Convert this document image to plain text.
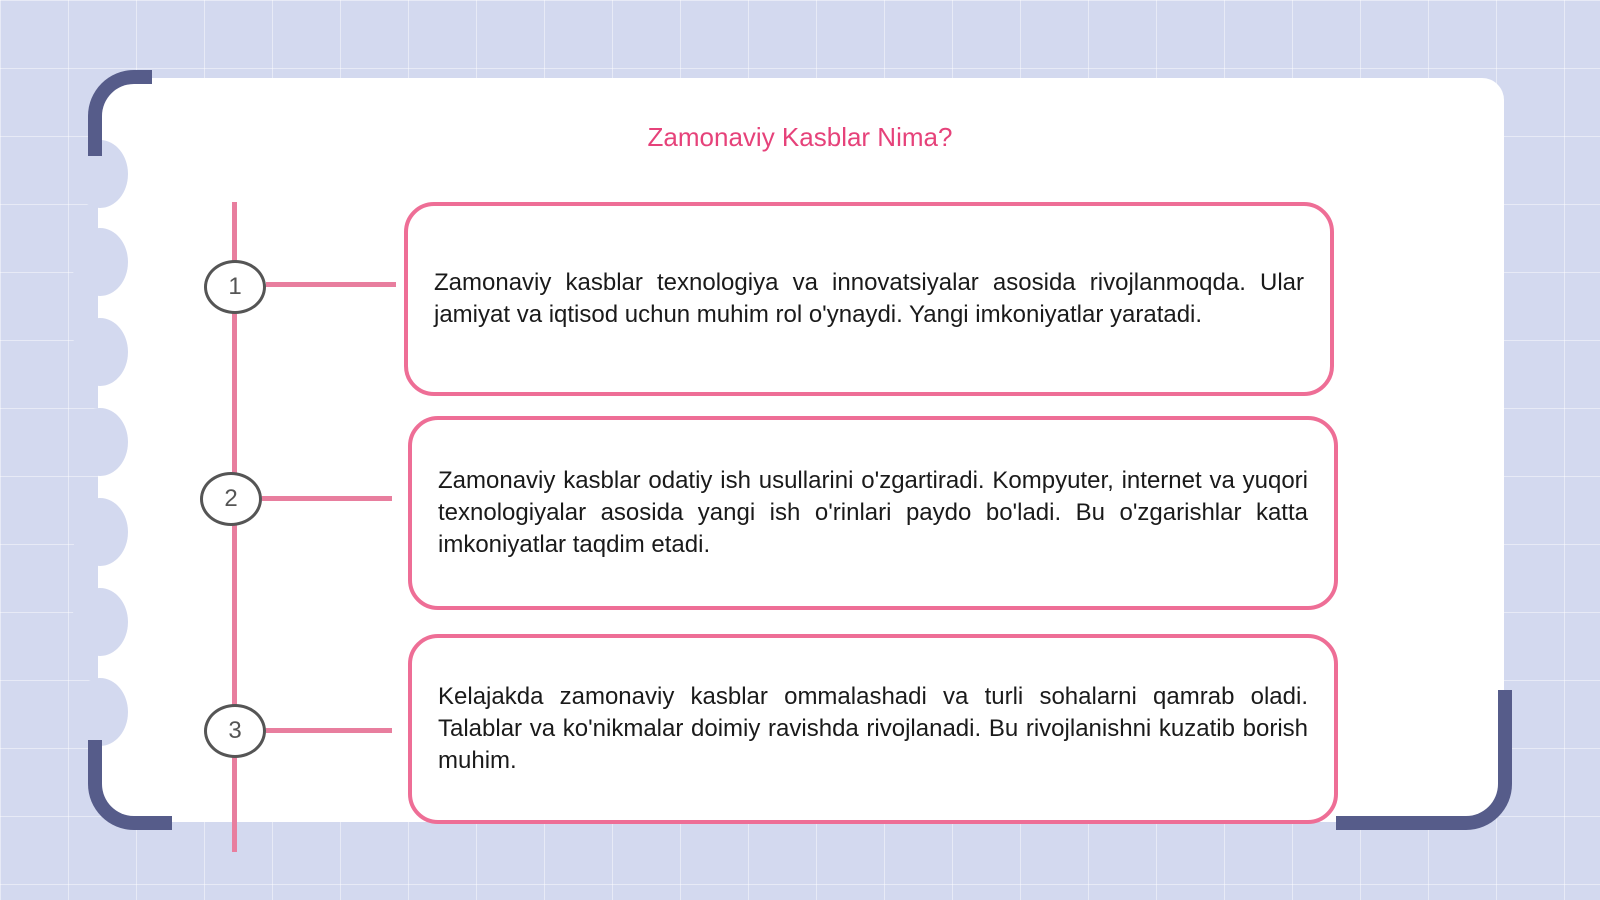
Zamonaviy Kasblar Nima?
1	Zamonaviy kasblar texnologiya va innovatsiyalar asosida rivojlanmoqda. Ular jamiyat va iqtisod uchun muhim rol o'ynaydi. Yangi imkoniyatlar yaratadi.
2
Zamonaviy kasblar odatiy ish usullarini o'zgartiradi. Kompyuter, internet va yuqori texnologiyalar asosida yangi ish o'rinlari paydo bo'ladi. Bu o'zgarishlar katta imkoniyatlar taqdim etadi.
3
Kelajakda zamonaviy kasblar ommalashadi va turli sohalarni qamrab oladi. Talablar va ko'nikmalar doimiy ravishda rivojlanadi. Bu rivojlanishni kuzatib borish muhim.
